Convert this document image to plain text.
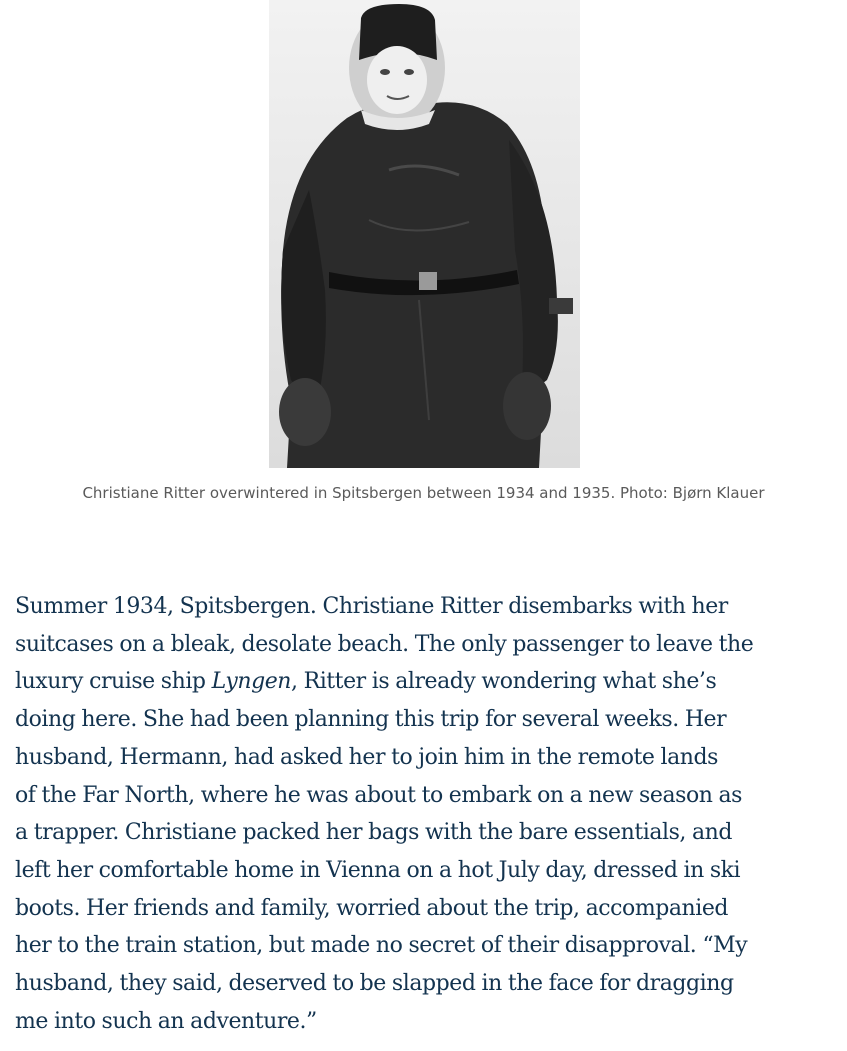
Christiane Ritter overwintered in Spitsbergen between 1934 and 1935. Photo: Bjørn Klauer

Summer 1934, Spitsbergen. Christiane Ritter disembarks with her
suitcases on a bleak, desolate beach. The only passenger to leave the
luxury cruise ship Lyngen, Ritter is already wondering what she’s
doing here. She had been planning this trip for several weeks. Her
husband, Hermann, had asked her to join him in the remote lands
of the Far North, where he was about to embark on a new season as
a trapper. Christiane packed her bags with the bare essentials, and
left her comfortable home in Vienna on a hot July day, dressed in ski
boots. Her friends and family, worried about the trip, accompanied
her to the train station, but made no secret of their disapproval. “My
husband, they said, deserved to be slapped in the face for dragging
me into such an adventure.”
